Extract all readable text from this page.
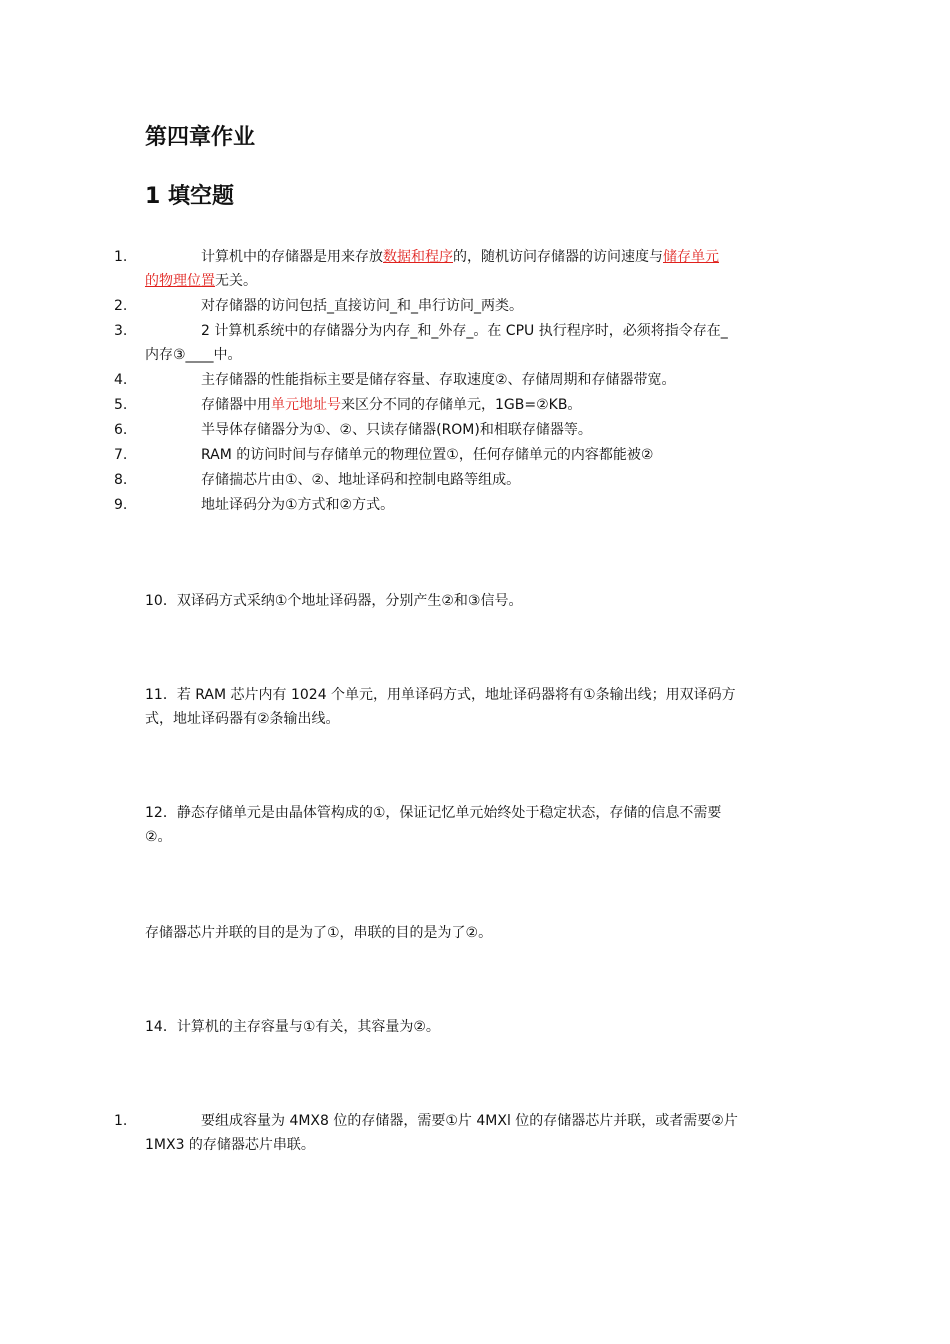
第四章作业
1 填空题
1.	计算机中的存储器是用来存放数据和程序的，随机访问存储器的访问速度与储存单元
的物理位置无关。
2.	对存储器的访问包括_直接访问_和_串行访问_两类。
3.	2 计算机系统中的存储器分为内存_和_外存_。在 CPU 执行程序时，必须将指令存在_
内存③____中。
4.	主存储器的性能指标主要是储存容量、存取速度②、存储周期和存储器带宽。
5.	存储器中用单元地址号来区分不同的存储单元，1GB=②KB。
6.	半导体存储器分为①、②、只读存储器(ROM)和相联存储器等。
7.	RAM 的访问时间与存储单元的物理位置①，任何存储单元的内容都能被②
8.	存储揣芯片由①、②、地址译码和控制电路等组成。
9.	地址译码分为①方式和②方式。
10．双译码方式采纳①个地址译码器，分别产生②和③信号。
11．若 RAM 芯片内有 1024 个单元，用单译码方式，地址译码器将有①条输出线；用双译码方
式，地址译码器有②条输出线。
12．静态存储单元是由晶体管构成的①，保证记忆单元始终处于稳定状态，存储的信息不需要
②。
存储器芯片并联的目的是为了①，串联的目的是为了②。
14．计算机的主存容量与①有关，其容量为②。
1.	要组成容量为 4MX8 位的存储器，需要①片 4MXl 位的存储器芯片并联，或者需要②片
1MX3 的存储器芯片串联。
